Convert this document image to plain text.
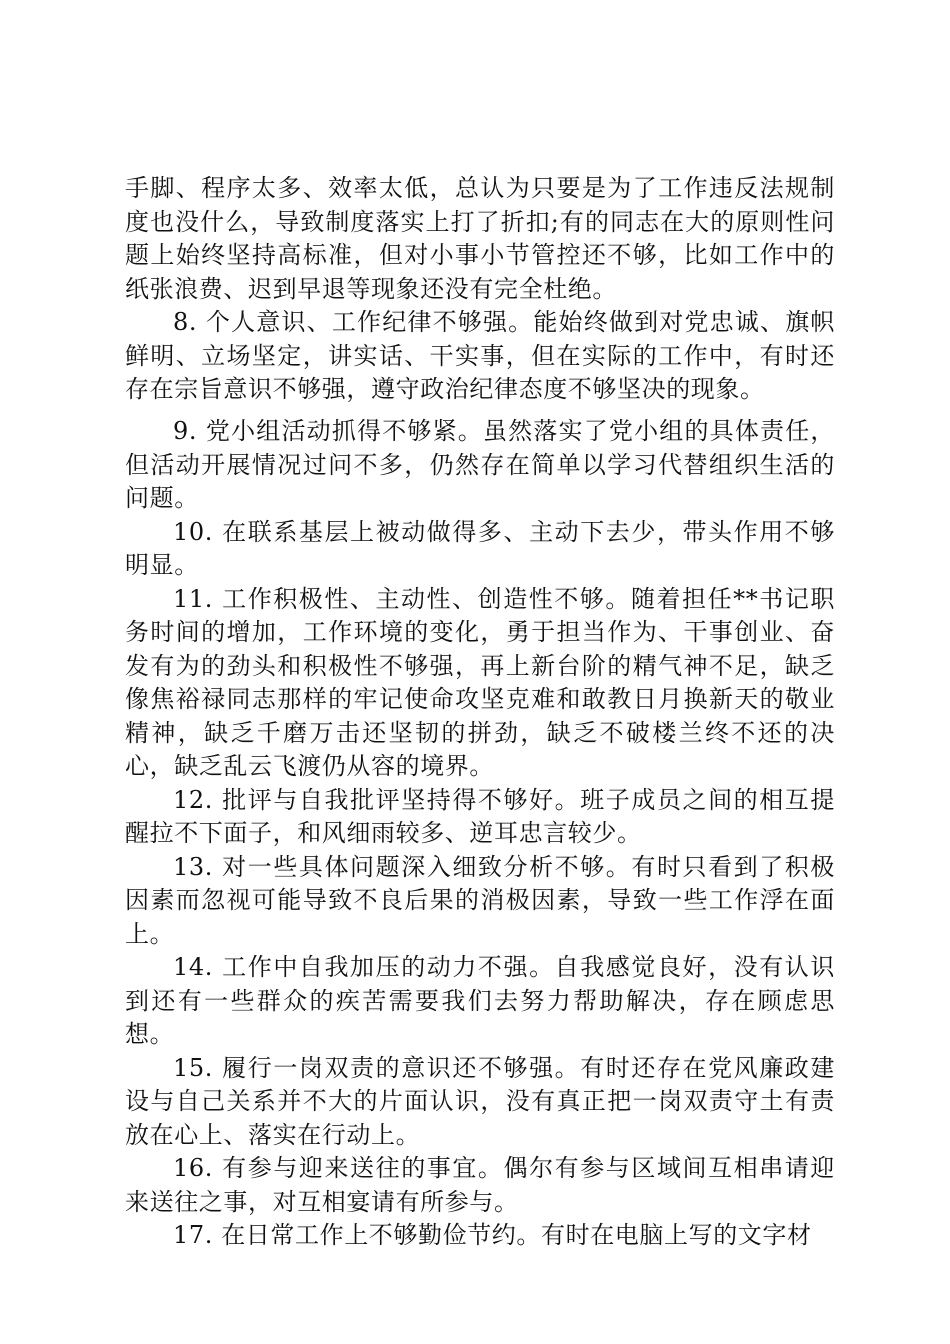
手脚、程序太多、效率太低，总认为只要是为了工作违反法规制度也没什么，导致制度落实上打了折扣;有的同志在大的原则性问题上始终坚持高标准，但对小事小节管控还不够，比如工作中的纸张浪费、迟到早退等现象还没有完全杜绝。

8. 个人意识、工作纪律不够强。能始终做到对党忠诚、旗帜鲜明、立场坚定，讲实话、干实事，但在实际的工作中，有时还存在宗旨意识不够强，遵守政治纪律态度不够坚决的现象。

9. 党小组活动抓得不够紧。虽然落实了党小组的具体责任，但活动开展情况过问不多，仍然存在简单以学习代替组织生活的问题。

10. 在联系基层上被动做得多、主动下去少，带头作用不够明显。

11. 工作积极性、主动性、创造性不够。随着担任**书记职务时间的增加，工作环境的变化，勇于担当作为、干事创业、奋发有为的劲头和积极性不够强，再上新台阶的精气神不足，缺乏像焦裕禄同志那样的牢记使命攻坚克难和敢教日月换新天的敬业精神，缺乏千磨万击还坚韧的拼劲，缺乏不破楼兰终不还的决心，缺乏乱云飞渡仍从容的境界。

12. 批评与自我批评坚持得不够好。班子成员之间的相互提醒拉不下面子，和风细雨较多、逆耳忠言较少。

13. 对一些具体问题深入细致分析不够。有时只看到了积极因素而忽视可能导致不良后果的消极因素，导致一些工作浮在面上。

14. 工作中自我加压的动力不强。自我感觉良好，没有认识到还有一些群众的疾苦需要我们去努力帮助解决，存在顾虑思想。

15. 履行一岗双责的意识还不够强。有时还存在党风廉政建设与自己关系并不大的片面认识，没有真正把一岗双责守土有责放在心上、落实在行动上。

16. 有参与迎来送往的事宜。偶尔有参与区域间互相串请迎来送往之事，对互相宴请有所参与。

17. 在日常工作上不够勤俭节约。有时在电脑上写的文字材
